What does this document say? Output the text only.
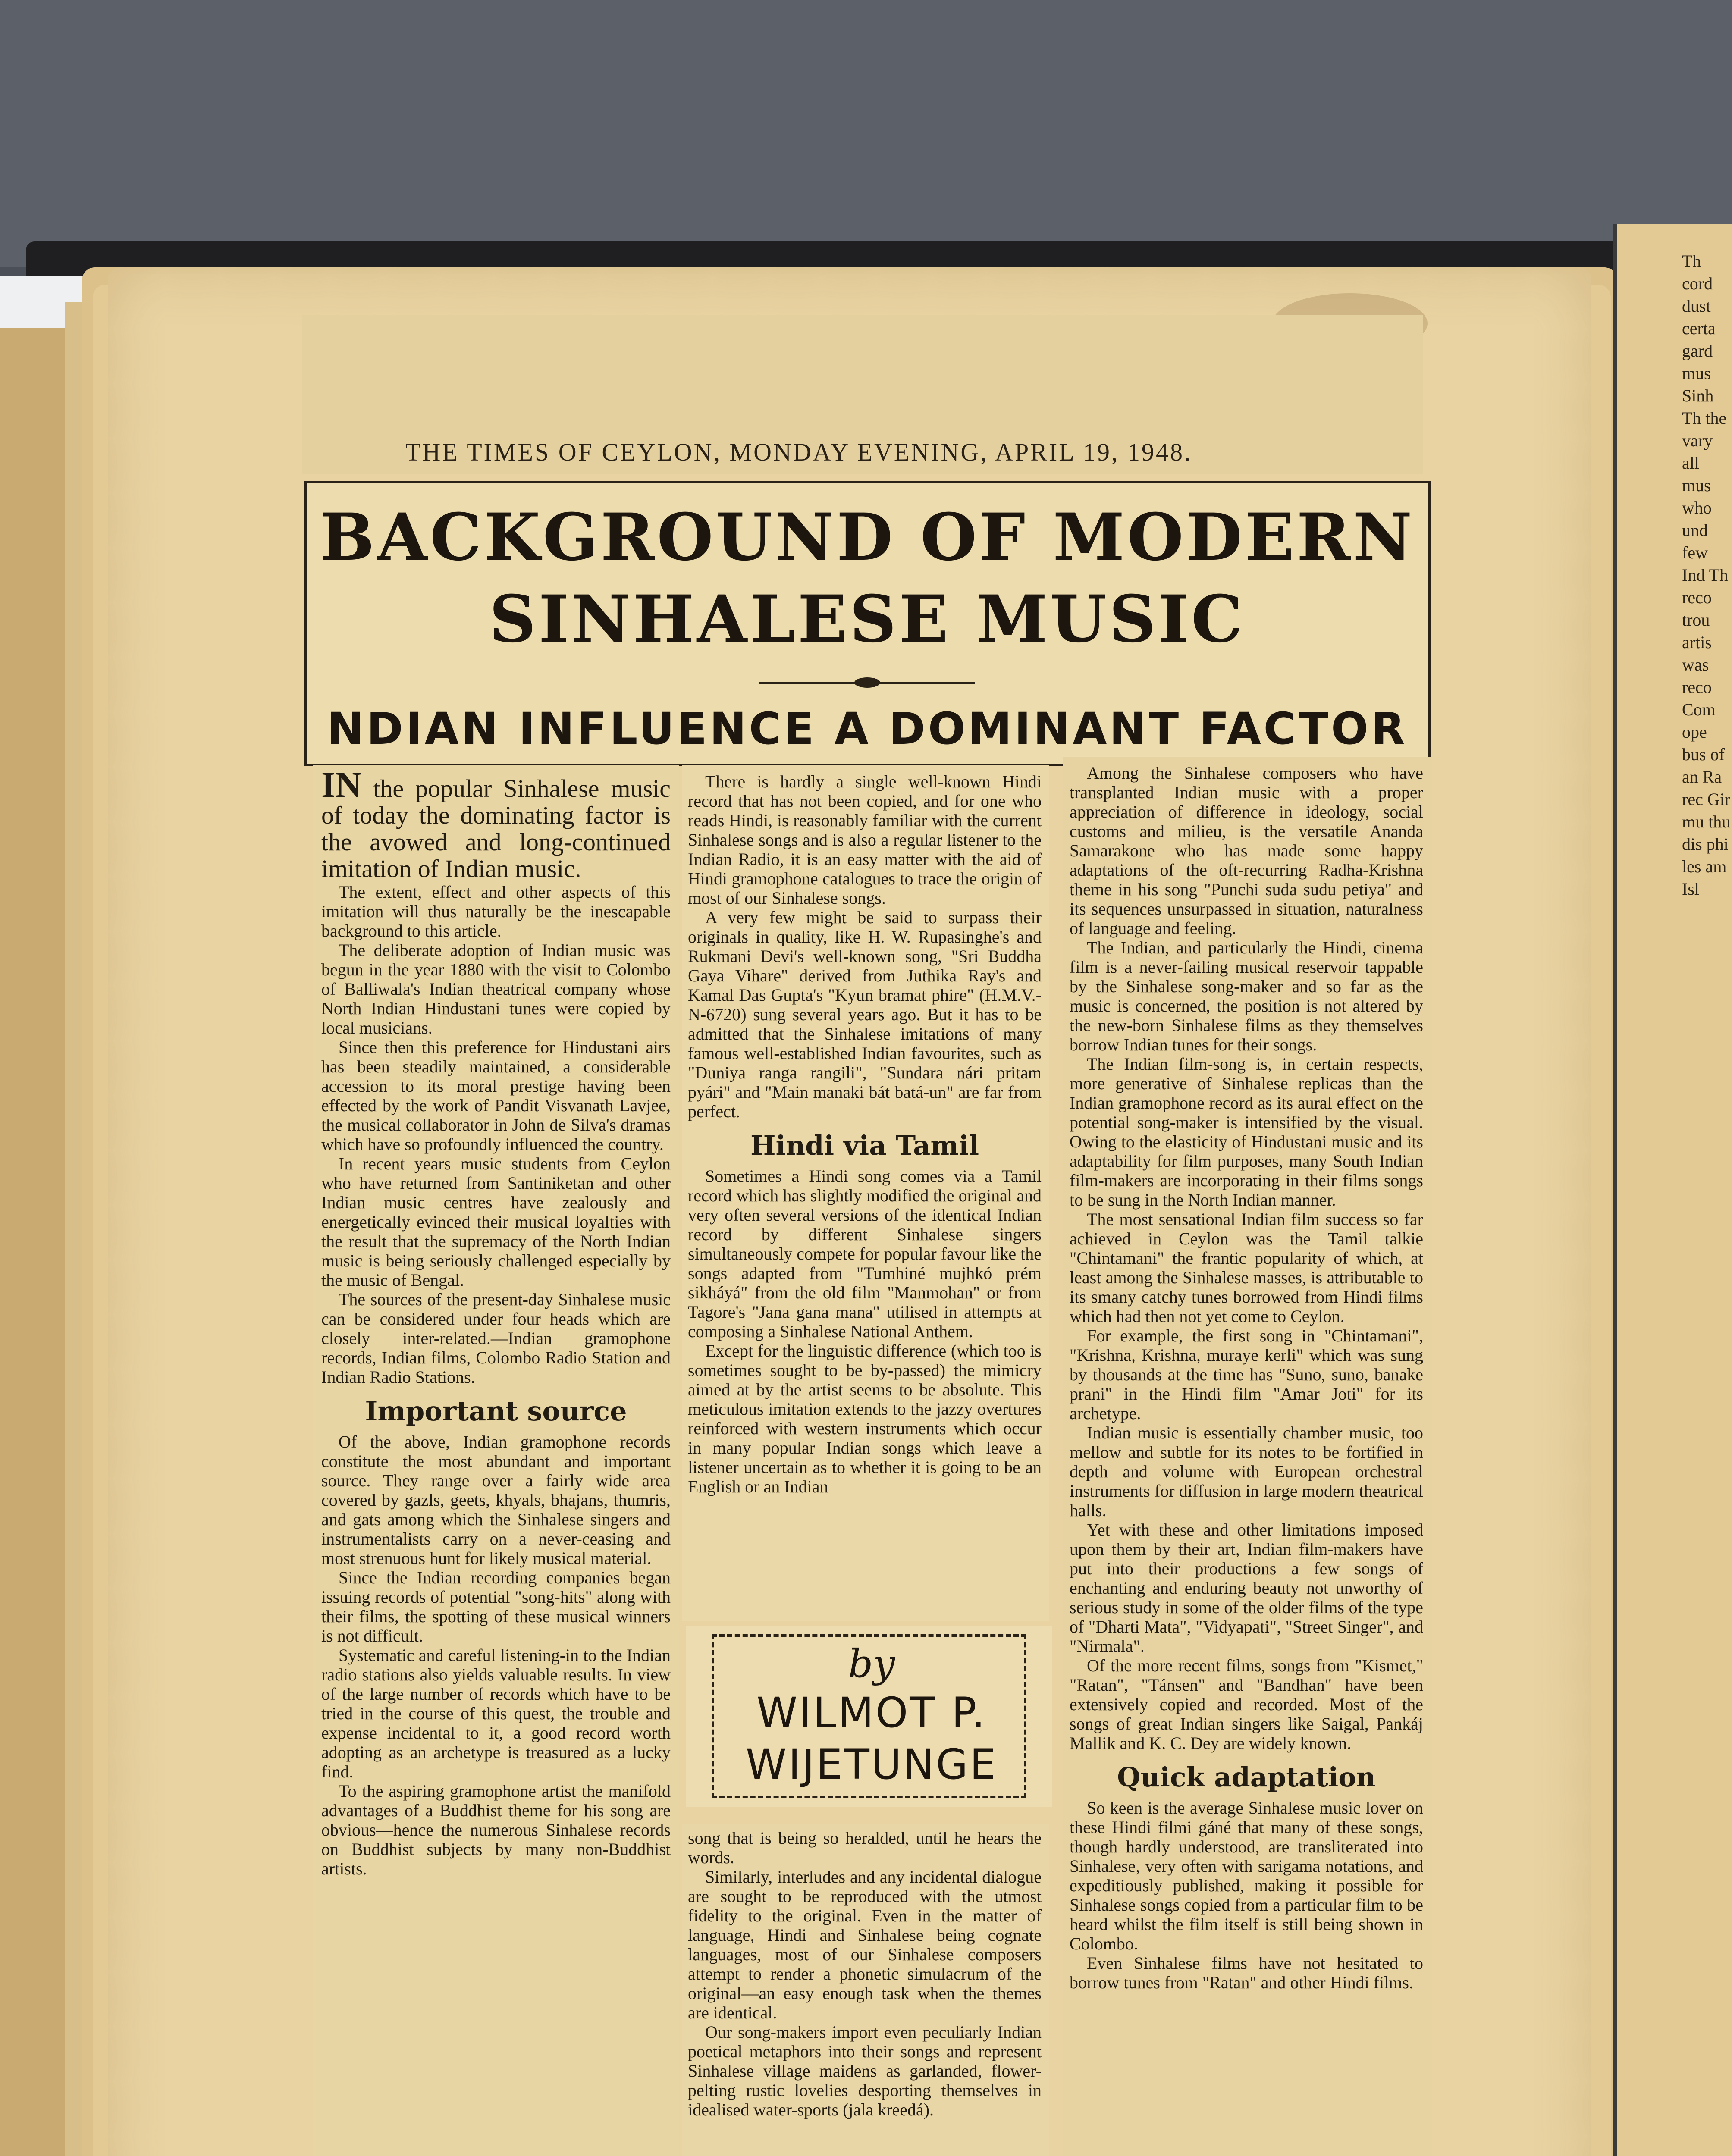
Th cord dust certa gard mus Sinh Th the vary all mus who und few Ind Th reco trou artis was reco Com ope bus of an Ra rec Gir mu thu dis phi les am Isl
THE TIMES OF CEYLON, MONDAY EVENING, APRIL 19, 1948.
BACKGROUND OF MODERN
SINHALESE MUSIC
NDIAN INFLUENCE A DOMINANT FACTOR
by
WILMOT P.
WIJETUNGE

IN the popular Sinhalese music of today the dominating factor is the avowed and long-continued imitation of Indian music.

The extent, effect and other aspects of this imitation will thus naturally be the inescapable background to this article.

The deliberate adoption of Indian music was begun in the year 1880 with the visit to Colombo of Balliwala's Indian theatrical company whose North Indian Hindustani tunes were copied by local musicians.

Since then this preference for Hindustani airs has been steadily maintained, a considerable accession to its moral prestige having been effected by the work of Pandit Visvanath Lavjee, the musical collaborator in John de Silva's dramas which have so profoundly influenced the country.

In recent years music students from Ceylon who have returned from Santiniketan and other Indian music centres have zealously and energetically evinced their musical loyalties with the result that the supremacy of the North Indian music is being seriously challenged especially by the music of Bengal.

The sources of the present-day Sinhalese music can be considered under four heads which are closely inter-related.—Indian gramophone records, Indian films, Colombo Radio Station and Indian Radio Stations.

Important source

Of the above, Indian gramophone records constitute the most abundant and important source. They range over a fairly wide area covered by gazls, geets, khyals, bhajans, thumris, and gats among which the Sinhalese singers and instrumentalists carry on a never-ceasing and most strenuous hunt for likely musical material.

Since the Indian recording companies began issuing records of potential "song-hits" along with their films, the spotting of these musical winners is not difficult.

Systematic and careful listening-in to the Indian radio stations also yields valuable results. In view of the large number of records which have to be tried in the course of this quest, the trouble and expense incidental to it, a good record worth adopting as an archetype is treasured as a lucky find.

To the aspiring gramophone artist the manifold advantages of a Buddhist theme for his song are obvious—hence the numerous Sinhalese records on Buddhist subjects by many non-Buddhist artists.

There is hardly a single well-known Hindi record that has not been copied, and for one who reads Hindi, is reasonably familiar with the current Sinhalese songs and is also a regular listener to the Indian Radio, it is an easy matter with the aid of Hindi gramophone catalogues to trace the origin of most of our Sinhalese songs.

A very few might be said to surpass their originals in quality, like H. W. Rupasinghe's and Rukmani Devi's well-known song, "Sri Buddha Gaya Vihare" derived from Juthika Ray's and Kamal Das Gupta's "Kyun bramat phire" (H.M.V.-N-6720) sung several years ago. But it has to be admitted that the Sinhalese imitations of many famous well-established Indian favourites, such as "Duniya ranga rangili", "Sundara nári pritam pyári" and "Main manaki bát batá-un" are far from perfect.

Hindi via Tamil

Sometimes a Hindi song comes via a Tamil record which has slightly modified the original and very often several versions of the identical Indian record by different Sinhalese singers simultaneously compete for popular favour like the songs adapted from "Tumhiné mujhkó prém sikháyá" from the old film "Manmohan" or from Tagore's "Jana gana mana" utilised in attempts at composing a Sinhalese National Anthem.

Except for the linguistic difference (which too is sometimes sought to be by-passed) the mimicry aimed at by the artist seems to be absolute. This meticulous imitation extends to the jazzy overtures reinforced with western instruments which occur in many popular Indian songs which leave a listener uncertain as to whether it is going to be an English or an Indian

song that is being so heralded, until he hears the words.

Similarly, interludes and any incidental dialogue are sought to be reproduced with the utmost fidelity to the original. Even in the matter of language, Hindi and Sinhalese being cognate languages, most of our Sinhalese composers attempt to render a phonetic simulacrum of the original—an easy enough task when the themes are identical.

Our song-makers import even peculiarly Indian poetical metaphors into their songs and represent Sinhalese village maidens as garlanded, flower-pelting rustic lovelies desporting themselves in idealised water-sports (jala kreedá).

Among the Sinhalese composers who have transplanted Indian music with a proper appreciation of difference in ideology, social customs and milieu, is the versatile Ananda Samarakone who has made some happy adaptations of the oft-recurring Radha-Krishna theme in his song "Punchi suda sudu petiya" and its sequences unsurpassed in situation, naturalness of language and feeling.

The Indian, and particularly the Hindi, cinema film is a never-failing musical reservoir tappable by the Sinhalese song-maker and so far as the music is concerned, the position is not altered by the new-born Sinhalese films as they themselves borrow Indian tunes for their songs.

The Indian film-song is, in certain respects, more generative of Sinhalese replicas than the Indian gramophone record as its aural effect on the potential song-maker is intensified by the visual. Owing to the elasticity of Hindustani music and its adaptability for film purposes, many South Indian film-makers are incorporating in their films songs to be sung in the North Indian manner.

The most sensational Indian film success so far achieved in Ceylon was the Tamil talkie "Chintamani" the frantic popularity of which, at least among the Sinhalese masses, is attributable to its smany catchy tunes borrowed from Hindi films which had then not yet come to Ceylon.

For example, the first song in "Chintamani", "Krishna, Krishna, muraye kerli" which was sung by thousands at the time has "Suno, suno, banake prani" in the Hindi film "Amar Joti" for its archetype.

Indian music is essentially chamber music, too mellow and subtle for its notes to be fortified in depth and volume with European orchestral instruments for diffusion in large modern theatrical halls.

Yet with these and other limitations imposed upon them by their art, Indian film-makers have put into their productions a few songs of enchanting and enduring beauty not unworthy of serious study in some of the older films of the type of "Dharti Mata", "Vidyapati", "Street Singer", and "Nirmala".

Of the more recent films, songs from "Kismet," "Ratan", "Tánsen" and "Bandhan" have been extensively copied and recorded. Most of the songs of great Indian singers like Saigal, Pankáj Mallik and K. C. Dey are widely known.

Quick adaptation

So keen is the average Sinhalese music lover on these Hindi filmi gáné that many of these songs, though hardly understood, are transliterated into Sinhalese, very often with sarigama notations, and expeditiously published, making it possible for Sinhalese songs copied from a particular film to be heard whilst the film itself is still being shown in Colombo.

Even Sinhalese films have not hesitated to borrow tunes from "Ratan" and other Hindi films.
